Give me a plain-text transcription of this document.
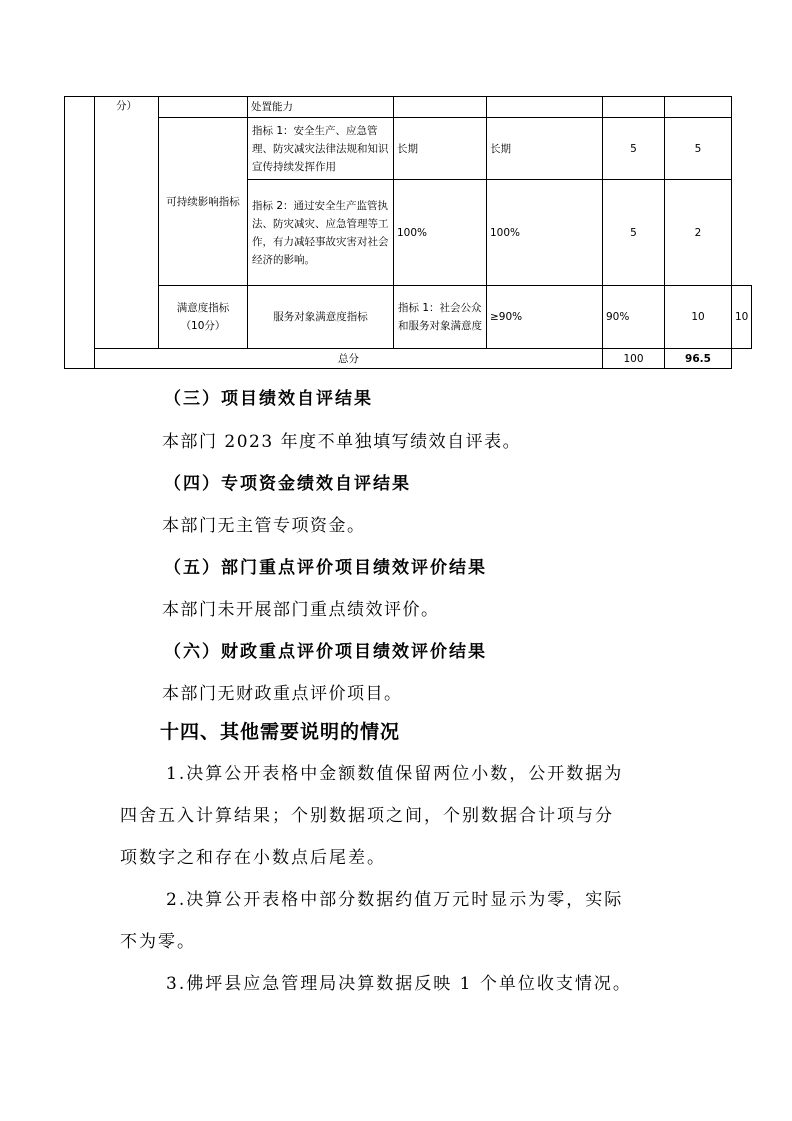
	分）		处置能力					
		可持续影响指标	指标 1：安全生产、应急管理、防灾减灾法律法规和知识宣传持续发挥作用	长期	长期	5	5	
			指标 2：通过安全生产监管执法、防灾减灾、应急管理等工作，有力减轻事故灾害对社会经济的影响。	100%	100%	5	2	
		满意度指标（10分）	服务对象满意度指标	指标 1：社会公众和服务对象满意度	≥90%	90%	10	10
	总分					100	96.5	
（三）项目绩效自评结果
本部门 2023 年度不单独填写绩效自评表。
（四）专项资金绩效自评结果
本部门无主管专项资金。
（五）部门重点评价项目绩效评价结果
本部门未开展部门重点绩效评价。
（六）财政重点评价项目绩效评价结果
本部门无财政重点评价项目。
十四、其他需要说明的情况
1.决算公开表格中金额数值保留两位小数，公开数据为
四舍五入计算结果；个别数据项之间，个别数据合计项与分
项数字之和存在小数点后尾差。
2.决算公开表格中部分数据约值万元时显示为零，实际
不为零。
3.佛坪县应急管理局决算数据反映 1 个单位收支情况。
